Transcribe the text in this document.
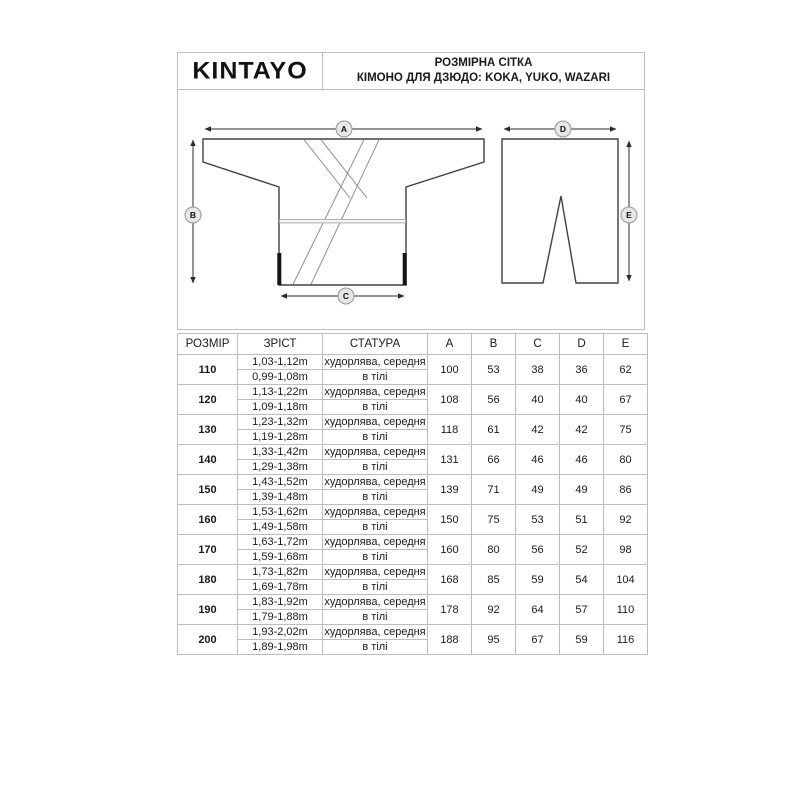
KINTAYO	РОЗМІРНА СІТКА
КІМОНО ДЛЯ ДЗЮДО: KOKA, YUKO, WAZARI
A
B
C
D
E
РОЗМІР	ЗРІСТ	СТАТУРА	A	B	C	D	E
110	1,03-1,12m	худорлява, середня	100	53	38	36	62
	0,99-1,08m	в тілі					
120	1,13-1,22m	худорлява, середня	108	56	40	40	67
	1,09-1,18m	в тілі					
130	1,23-1,32m	худорлява, середня	118	61	42	42	75
	1,19-1,28m	в тілі					
140	1,33-1,42m	худорлява, середня	131	66	46	46	80
	1,29-1,38m	в тілі					
150	1,43-1,52m	худорлява, середня	139	71	49	49	86
	1,39-1,48m	в тілі					
160	1,53-1,62m	худорлява, середня	150	75	53	51	92
	1,49-1,58m	в тілі					
170	1,63-1,72m	худорлява, середня	160	80	56	52	98
	1,59-1,68m	в тілі					
180	1,73-1,82m	худорлява, середня	168	85	59	54	104
	1,69-1,78m	в тілі					
190	1,83-1,92m	худорлява, середня	178	92	64	57	110
	1,79-1,88m	в тілі					
200	1,93-2,02m	худорлява, середня	188	95	67	59	116
	1,89-1,98m	в тілі					
